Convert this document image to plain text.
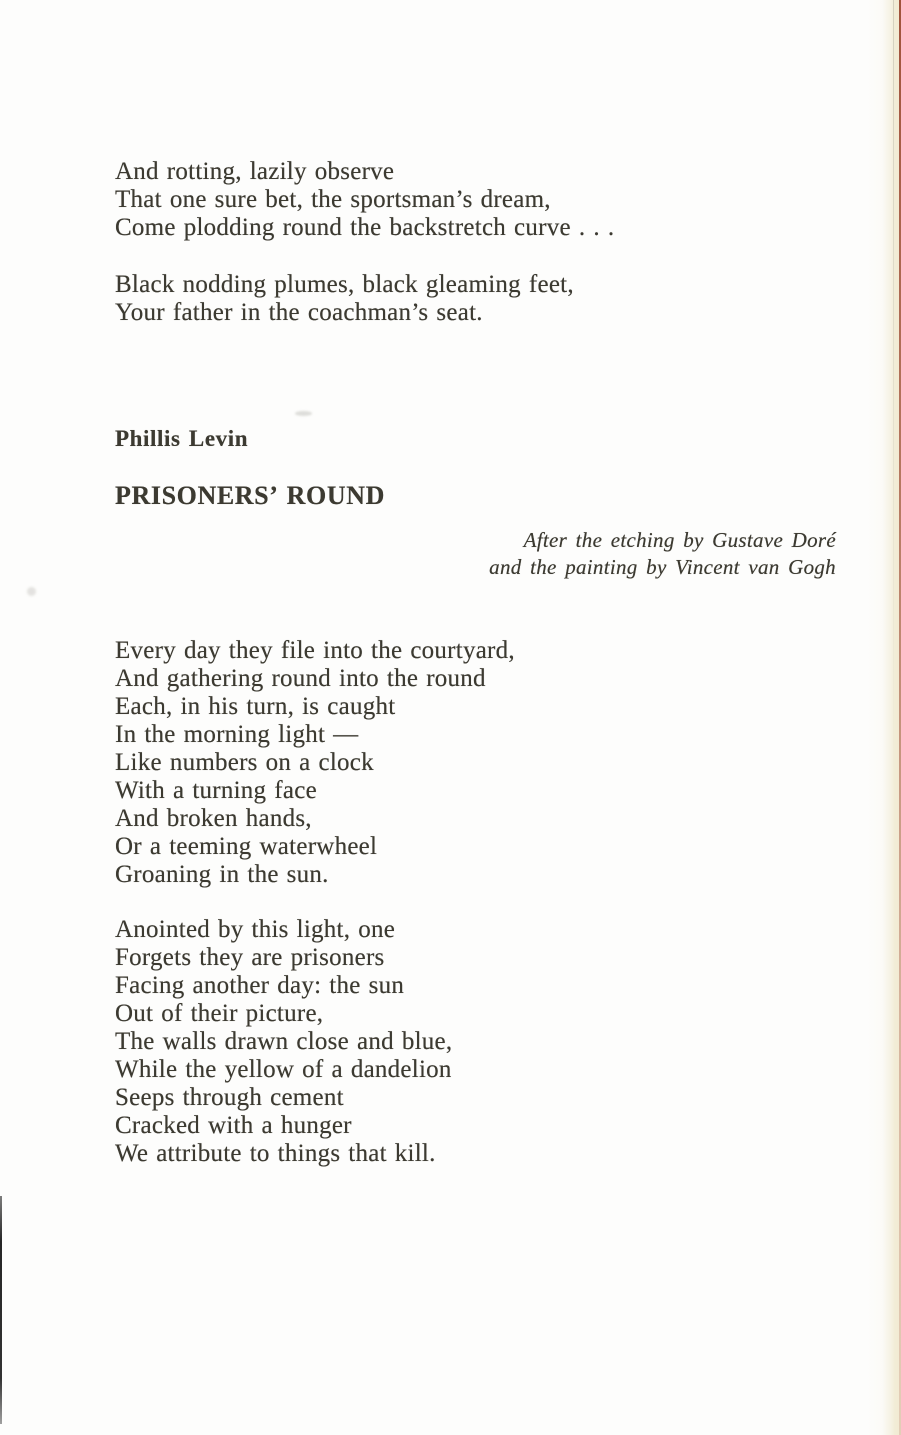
And rotting, lazily observe
That one sure bet, the sportsman’s dream,
Come plodding round the backstretch curve . . .
Black nodding plumes, black gleaming feet,
Your father in the coachman’s seat.
Phillis Levin
PRISONERS’ ROUND
After the etching by Gustave Doré
and the painting by Vincent van Gogh
Every day they file into the courtyard,
And gathering round into the round
Each, in his turn, is caught
In the morning light —
Like numbers on a clock
With a turning face
And broken hands,
Or a teeming waterwheel
Groaning in the sun.
Anointed by this light, one
Forgets they are prisoners
Facing another day: the sun
Out of their picture,
The walls drawn close and blue,
While the yellow of a dandelion
Seeps through cement
Cracked with a hunger
We attribute to things that kill.
